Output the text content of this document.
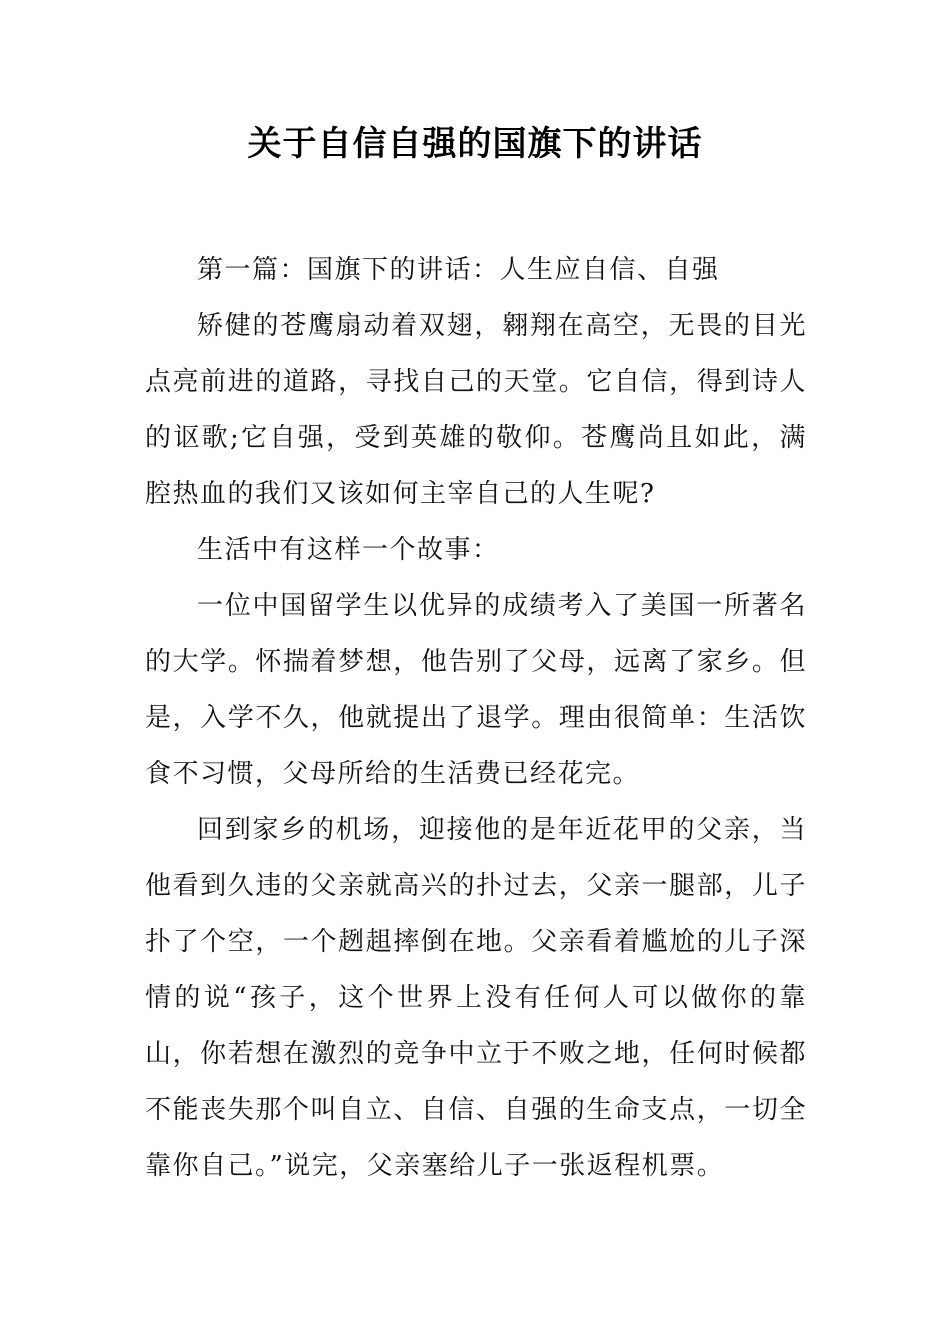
关于自信自强的国旗下的讲话

第一篇：国旗下的讲话：人生应自信、自强

矫健的苍鹰扇动着双翅，翱翔在高空，无畏的目光点亮前进的道路，寻找自己的天堂。它自信，得到诗人的讴歌;它自强，受到英雄的敬仰。苍鹰尚且如此，满腔热血的我们又该如何主宰自己的人生呢?

生活中有这样一个故事：

一位中国留学生以优异的成绩考入了美国一所著名的大学。怀揣着梦想，他告别了父母，远离了家乡。但是，入学不久，他就提出了退学。理由很简单：生活饮食不习惯，父母所给的生活费已经花完。

回到家乡的机场，迎接他的是年近花甲的父亲，当他看到久违的父亲就高兴的扑过去，父亲一腿部，儿子扑了个空，一个趔趄摔倒在地。父亲看着尴尬的儿子深情的说“孩子，这个世界上没有任何人可以做你的靠山，你若想在激烈的竞争中立于不败之地，任何时候都不能丧失那个叫自立、自信、自强的生命支点，一切全靠你自己。”说完，父亲塞给儿子一张返程机票。
